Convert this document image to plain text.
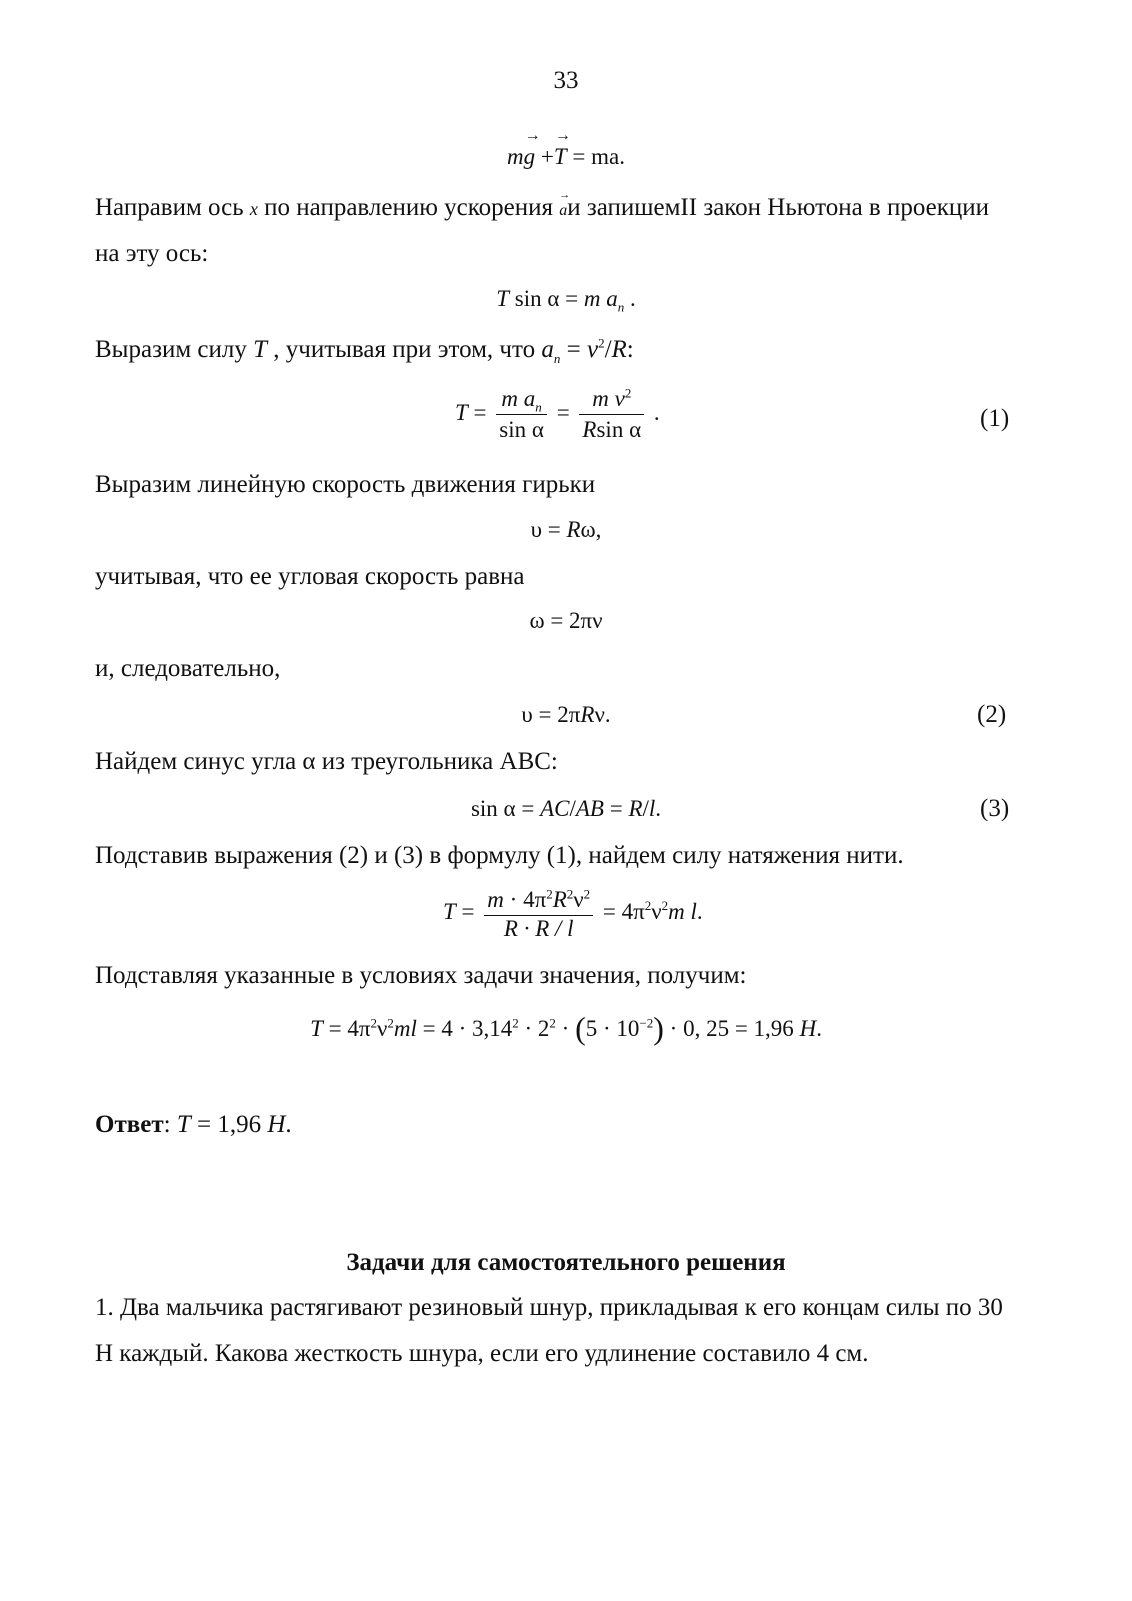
33
m→ g +→ T = ma.
Направим ось x по направлению ускорения → aи запишемII закон Ньютона в проекции
на эту ось:
T sin α = m $a_n$ .
Выразим силу T , учитывая при этом, что $a_n = v^2/R$:
$T = \frac{m a_n}{\text{sin α}} = \frac{m v^2}{\text{Rsin α}}$ .	(1)
Выразим линейную скорость движения гирьки
υ = Rω,
учитывая, что ее угловая скорость равна
ω = 2πν
и, следовательно,
υ = 2πRν.	(2)
Найдем синус угла α из треугольника АВС:
sin α = AC/AB = R/l.	(3)
Подставив выражения (2) и (3) в формулу (1), найдем силу натяжения нити.
$T = \frac{m \cdot 4\pi^2R^2\nu^2}{R \cdot R / l} = 4\pi^2\nu^2m$ l.
Подставляя указанные в условиях задачи значения, получим:
$T = 4\pi^2\nu^2ml = 4 \cdot 3,14^2 \cdot 2^2 \cdot (5 \cdot 10^{-2}) \cdot 0$, 25 = 1,96 H.
Ответ: T = 1,96 H.
Задачи для самостоятельного решения
1. Два мальчика растягивают резиновый шнур, прикладывая к его концам силы по 30
Н каждый. Какова жесткость шнура, если его удлинение составило 4 см.
